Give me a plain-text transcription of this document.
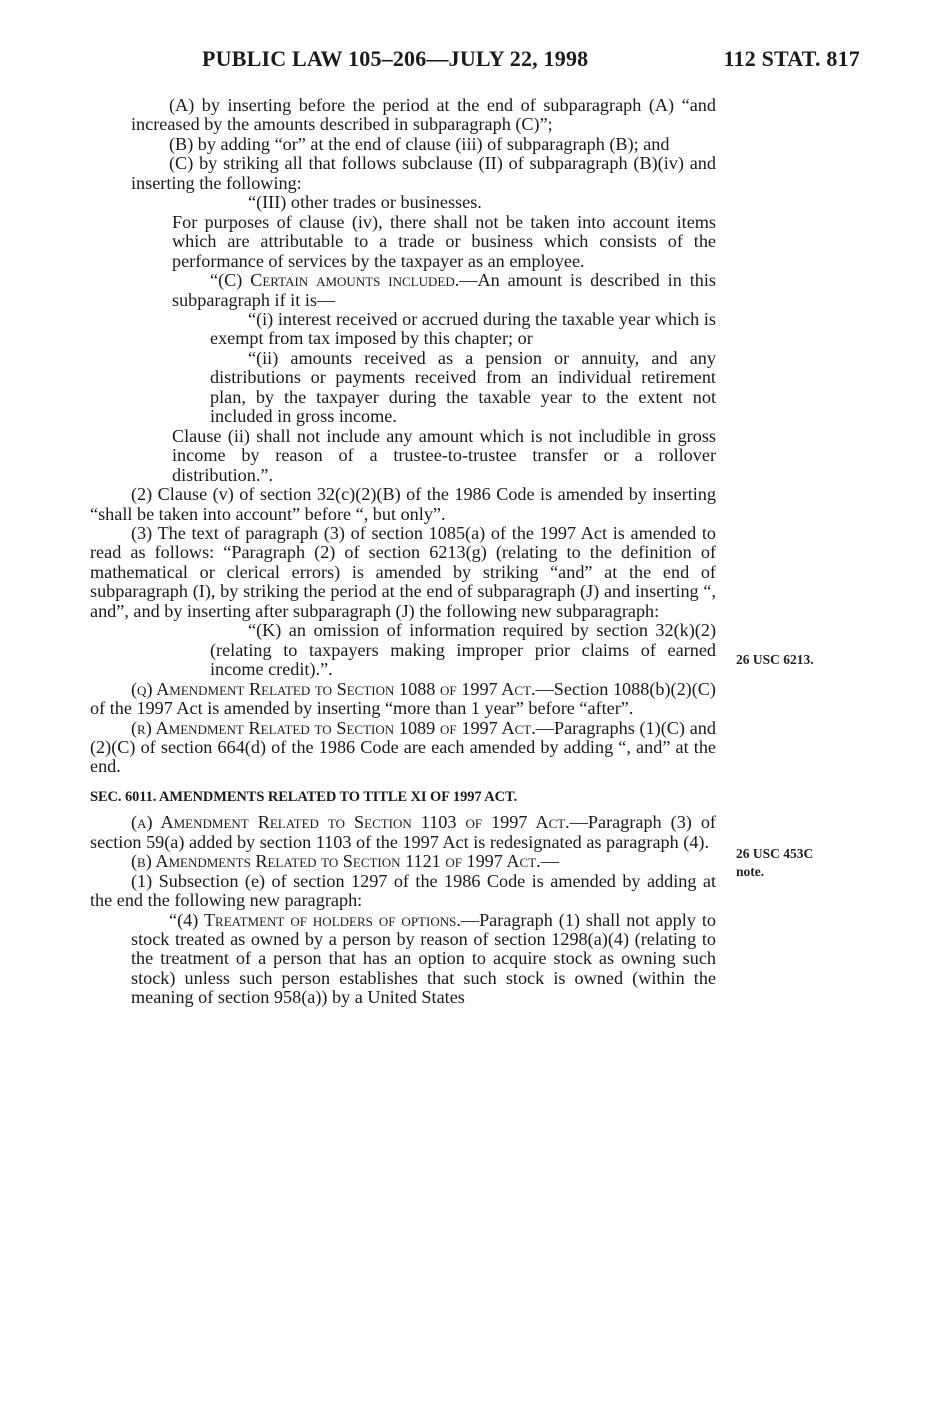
PUBLIC LAW 105–206—JULY 22, 1998	112 STAT. 817
26 USC 6213.
26 USC 453C
note.

(A) by inserting before the period at the end of subparagraph (A) “and increased by the amounts described in subparagraph (C)”;

(B) by adding “or” at the end of clause (iii) of subparagraph (B); and

(C) by striking all that follows subclause (II) of subparagraph (B)(iv) and inserting the following:

“(III) other trades or businesses.

For purposes of clause (iv), there shall not be taken into account items which are attributable to a trade or business which consists of the performance of services by the taxpayer as an employee.

“(C) Certain amounts included.—An amount is described in this subparagraph if it is—

“(i) interest received or accrued during the taxable year which is exempt from tax imposed by this chapter; or

“(ii) amounts received as a pension or annuity, and any distributions or payments received from an individual retirement plan, by the taxpayer during the taxable year to the extent not included in gross income.

Clause (ii) shall not include any amount which is not includible in gross income by reason of a trustee-to-trustee transfer or a rollover distribution.”.

(2) Clause (v) of section 32(c)(2)(B) of the 1986 Code is amended by inserting “shall be taken into account” before “, but only”.

(3) The text of paragraph (3) of section 1085(a) of the 1997 Act is amended to read as follows: “Paragraph (2) of section 6213(g) (relating to the definition of mathematical or clerical errors) is amended by striking “and” at the end of subparagraph (I), by striking the period at the end of subparagraph (J) and inserting “, and”, and by inserting after subparagraph (J) the following new subparagraph:

“(K) an omission of information required by section 32(k)(2) (relating to taxpayers making improper prior claims of earned income credit).”.

(q) Amendment Related to Section 1088 of 1997 Act.—Section 1088(b)(2)(C) of the 1997 Act is amended by inserting “more than 1 year” before “after”.

(r) Amendment Related to Section 1089 of 1997 Act.—Paragraphs (1)(C) and (2)(C) of section 664(d) of the 1986 Code are each amended by adding “, and” at the end.

SEC. 6011. AMENDMENTS RELATED TO TITLE XI OF 1997 ACT.

(a) Amendment Related to Section 1103 of 1997 Act.—Paragraph (3) of section 59(a) added by section 1103 of the 1997 Act is redesignated as paragraph (4).

(b) Amendments Related to Section 1121 of 1997 Act.—

(1) Subsection (e) of section 1297 of the 1986 Code is amended by adding at the end the following new paragraph:

“(4) Treatment of holders of options.—Paragraph (1) shall not apply to stock treated as owned by a person by reason of section 1298(a)(4) (relating to the treatment of a person that has an option to acquire stock as owning such stock) unless such person establishes that such stock is owned (within the meaning of section 958(a)) by a United States
